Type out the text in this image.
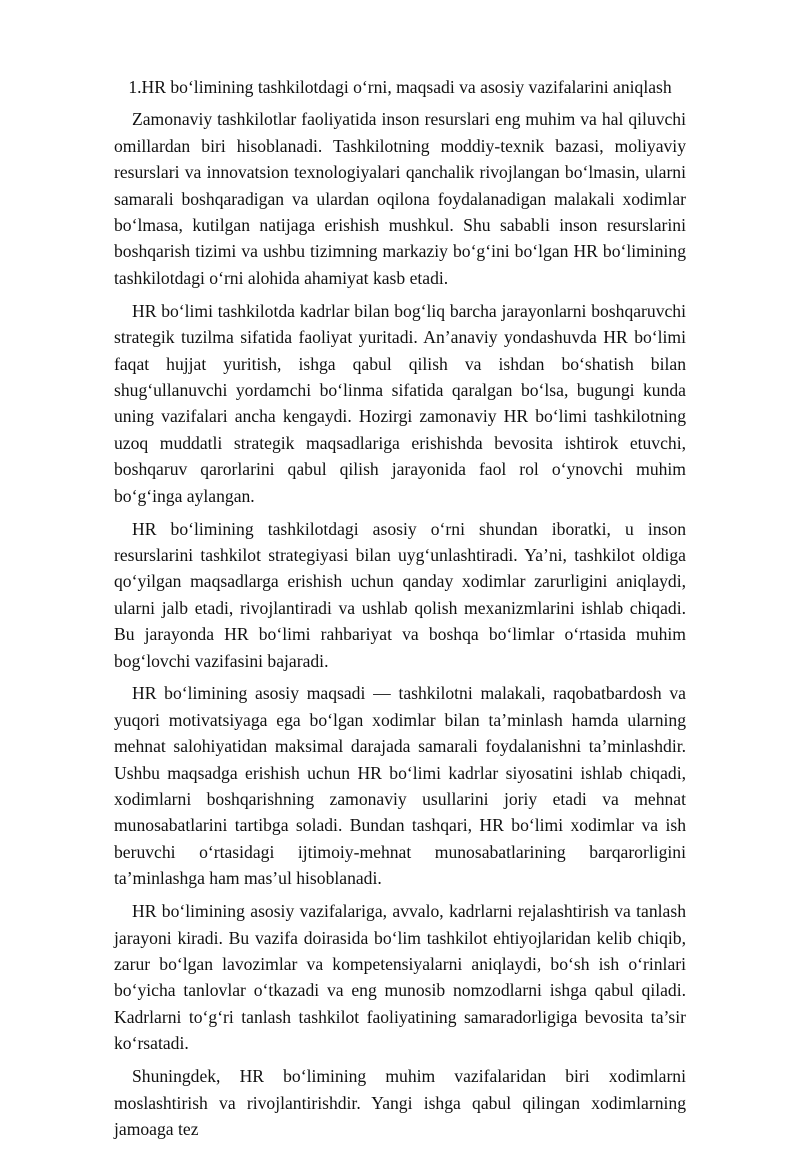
1.HR bo‘limining tashkilotdagi o‘rni, maqsadi va asosiy vazifalarini aniqlash

Zamonaviy tashkilotlar faoliyatida inson resurslari eng muhim va hal qiluvchi omillardan biri hisoblanadi. Tashkilotning moddiy-texnik bazasi, moliyaviy resurslari va innovatsion texnologiyalari qanchalik rivojlangan bo‘lmasin, ularni samarali boshqaradigan va ulardan oqilona foydalanadigan malakali xodimlar bo‘lmasa, kutilgan natijaga erishish mushkul. Shu sababli inson resurslarini boshqarish tizimi va ushbu tizimning markaziy bo‘g‘ini bo‘lgan HR bo‘limining tashkilotdagi o‘rni alohida ahamiyat kasb etadi.

HR bo‘limi tashkilotda kadrlar bilan bog‘liq barcha jarayonlarni boshqaruvchi strategik tuzilma sifatida faoliyat yuritadi. An’anaviy yondashuvda HR bo‘limi faqat hujjat yuritish, ishga qabul qilish va ishdan bo‘shatish bilan shug‘ullanuvchi yordamchi bo‘linma sifatida qaralgan bo‘lsa, bugungi kunda uning vazifalari ancha kengaydi. Hozirgi zamonaviy HR bo‘limi tashkilotning uzoq muddatli strategik maqsadlariga erishishda bevosita ishtirok etuvchi, boshqaruv qarorlarini qabul qilish jarayonida faol rol o‘ynovchi muhim bo‘g‘inga aylangan.

HR bo‘limining tashkilotdagi asosiy o‘rni shundan iboratki, u inson resurslarini tashkilot strategiyasi bilan uyg‘unlashtiradi. Ya’ni, tashkilot oldiga qo‘yilgan maqsadlarga erishish uchun qanday xodimlar zarurligini aniqlaydi, ularni jalb etadi, rivojlantiradi va ushlab qolish mexanizmlarini ishlab chiqadi. Bu jarayonda HR bo‘limi rahbariyat va boshqa bo‘limlar o‘rtasida muhim bog‘lovchi vazifasini bajaradi.

HR bo‘limining asosiy maqsadi — tashkilotni malakali, raqobatbardosh va yuqori motivatsiyaga ega bo‘lgan xodimlar bilan ta’minlash hamda ularning mehnat salohiyatidan maksimal darajada samarali foydalanishni ta’minlashdir. Ushbu maqsadga erishish uchun HR bo‘limi kadrlar siyosatini ishlab chiqadi, xodimlarni boshqarishning zamonaviy usullarini joriy etadi va mehnat munosabatlarini tartibga soladi. Bundan tashqari, HR bo‘limi xodimlar va ish beruvchi o‘rtasidagi ijtimoiy-mehnat munosabatlarining barqarorligini ta’minlashga ham mas’ul hisoblanadi.

HR bo‘limining asosiy vazifalariga, avvalo, kadrlarni rejalashtirish va tanlash jarayoni kiradi. Bu vazifa doirasida bo‘lim tashkilot ehtiyojlaridan kelib chiqib, zarur bo‘lgan lavozimlar va kompetensiyalarni aniqlaydi, bo‘sh ish o‘rinlari bo‘yicha tanlovlar o‘tkazadi va eng munosib nomzodlarni ishga qabul qiladi. Kadrlarni to‘g‘ri tanlash tashkilot faoliyatining samaradorligiga bevosita ta’sir ko‘rsatadi.

Shuningdek, HR bo‘limining muhim vazifalaridan biri xodimlarni moslashtirish va rivojlantirishdir. Yangi ishga qabul qilingan xodimlarning jamoaga tez
